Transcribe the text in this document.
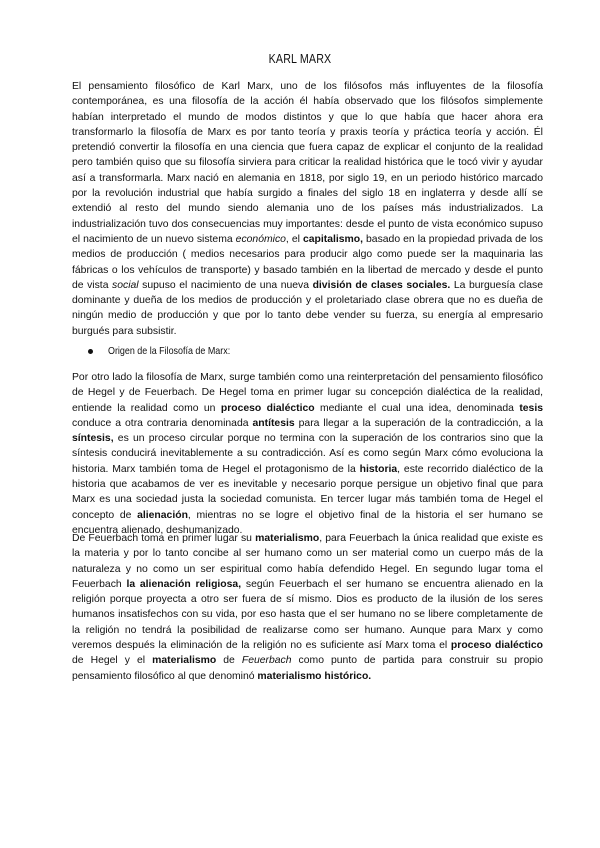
KARL MARX

El pensamiento filosófico de Karl Marx, uno de los filósofos más influyentes de la filosofía contemporánea, es una filosofía de la acción él había observado que los filósofos simplemente habían interpretado el mundo de modos distintos y que lo que había que hacer ahora era transformarlo la filosofía de Marx es por tanto teoría y praxis teoría y práctica teoría y acción. Él pretendió convertir la filosofía en una ciencia que fuera capaz de explicar el conjunto de la realidad pero también quiso que su filosofía sirviera para criticar la realidad histórica que le tocó vivir y ayudar así a transformarla. Marx nació en alemania en 1818, por siglo 19, en un periodo histórico marcado por la revolución industrial que había surgido a finales del siglo 18 en inglaterra y desde allí se extendió al resto del mundo siendo alemania uno de los países más industrializados. La industrialización tuvo dos consecuencias muy importantes: desde el punto de vista económico supuso el nacimiento de un nuevo sistema económico, el capitalismo, basado en la propiedad privada de los medios de producción ( medios necesarios para producir algo como puede ser la maquinaria las fábricas o los vehículos de transporte) y basado también en la libertad de mercado y desde el punto de vista social supuso el nacimiento de una nueva división de clases sociales. La burguesía clase dominante y dueña de los medios de producción y el proletariado clase obrera que no es dueña de ningún medio de producción y que por lo tanto debe vender su fuerza, su energía al empresario burgués para subsistir.

Origen de la Filosofía de Marx:

Por otro lado la filosofía de Marx, surge también como una reinterpretación del pensamiento filosófico de Hegel y de Feuerbach. De Hegel toma en primer lugar su concepción dialéctica de la realidad, entiende la realidad como un proceso dialéctico mediante el cual una idea, denominada tesis conduce a otra contraria denominada antítesis para llegar a la superación de la contradicción, a la síntesis, es un proceso circular porque no termina con la superación de los contrarios sino que la síntesis conducirá inevitablemente a su contradicción. Así es como según Marx cómo evoluciona la historia. Marx también toma de Hegel el protagonismo de la historia, este recorrido dialéctico de la historia que acabamos de ver es inevitable y necesario porque persigue un objetivo final que para Marx es una sociedad justa la sociedad comunista. En tercer lugar más también toma de Hegel el concepto de alienación, mientras no se logre el objetivo final de la historia el ser humano se encuentra alienado, deshumanizado.

De Feuerbach toma en primer lugar su materialismo, para Feuerbach la única realidad que existe es la materia y por lo tanto concibe al ser humano como un ser material como un cuerpo más de la naturaleza y no como un ser espiritual como había defendido Hegel. En segundo lugar toma el Feuerbach la alienación religiosa, según Feuerbach el ser humano se encuentra alienado en la religión porque proyecta a otro ser fuera de sí mismo. Dios es producto de la ilusión de los seres humanos insatisfechos con su vida, por eso hasta que el ser humano no se libere completamente de la religión no tendrá la posibilidad de realizarse como ser humano. Aunque para Marx y como veremos después la eliminación de la religión no es suficiente así Marx toma el proceso dialéctico de Hegel y el materialismo de Feuerbach como punto de partida para construir su propio pensamiento filosófico al que denominó materialismo histórico.
